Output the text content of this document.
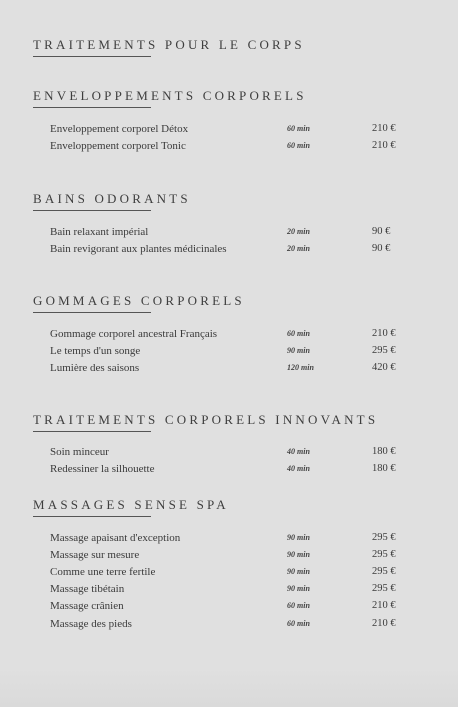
TRAITEMENTS POUR LE CORPS
ENVELOPPEMENTS CORPORELS
Enveloppement corporel Détox	60 min	210 €
Enveloppement corporel Tonic	60 min	210 €
BAINS ODORANTS
Bain relaxant impérial	20 min	90 €
Bain revigorant aux plantes médicinales	20 min	90 €
GOMMAGES CORPORELS
Gommage corporel ancestral Français	60 min	210 €
Le temps d'un songe	90 min	295 €
Lumière des saisons	120 min	420 €
TRAITEMENTS CORPORELS INNOVANTS
Soin minceur	40 min	180 €
Redessiner la silhouette	40 min	180 €
MASSAGES SENSE SPA
Massage apaisant d'exception	90 min	295 €
Massage sur mesure	90 min	295 €
Comme une terre fertile	90 min	295 €
Massage tibétain	90 min	295 €
Massage crânien	60 min	210 €
Massage des pieds	60 min	210 €
